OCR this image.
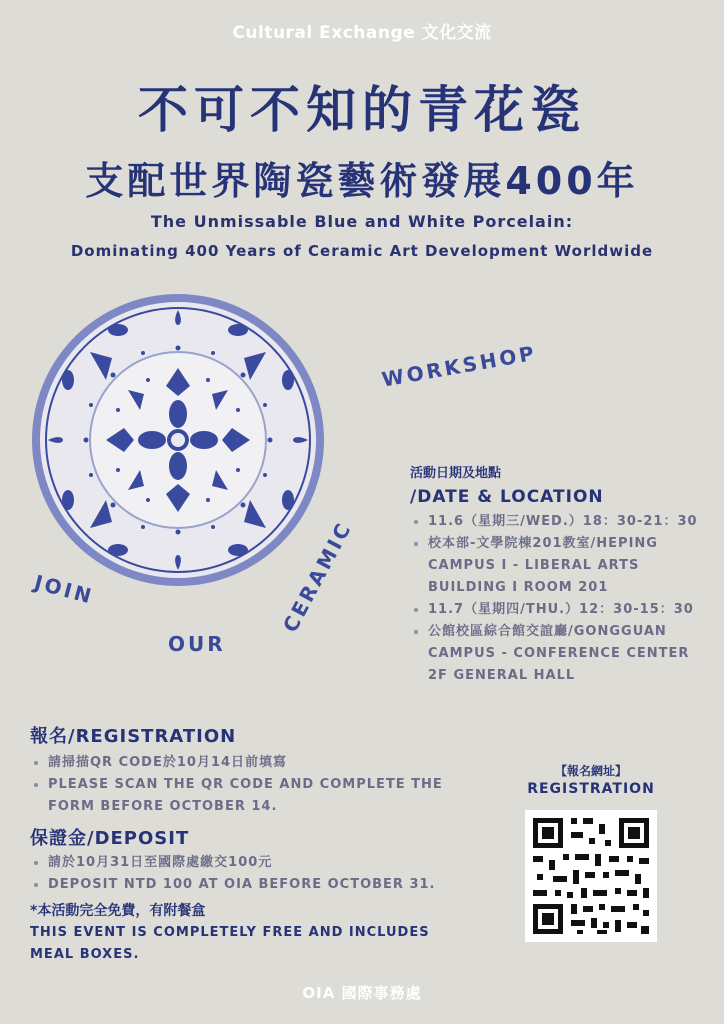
Cultural Exchange 文化交流
不可不知的青花瓷
支配世界陶瓷藝術發展400年
The Unmissable Blue and White Porcelain:
Dominating 400 Years of Ceramic Art Development Worldwide
WORKSHOP
JOIN
OUR
CERAMIC
活動日期及地點
/DATE & LOCATION
11.6（星期三/WED.）18：30-21：30
校本部-文學院棟201教室/HEPING CAMPUS I - LIBERAL ARTS BUILDING I ROOM 201
11.7（星期四/THU.）12：30-15：30
公館校區綜合館交誼廳/GONGGUAN CAMPUS - CONFERENCE CENTER 2F GENERAL HALL
報名/REGISTRATION
請掃描QR CODE於10月14日前填寫
PLEASE SCAN THE QR CODE AND COMPLETE THE FORM BEFORE OCTOBER 14.
保證金/DEPOSIT
請於10月31日至國際處繳交100元
DEPOSIT NTD 100 AT OIA BEFORE OCTOBER 31.
*本活動完全免費，有附餐盒
THIS EVENT IS COMPLETELY FREE AND INCLUDES MEAL BOXES.
【報名網址】
REGISTRATION
OIA 國際事務處
